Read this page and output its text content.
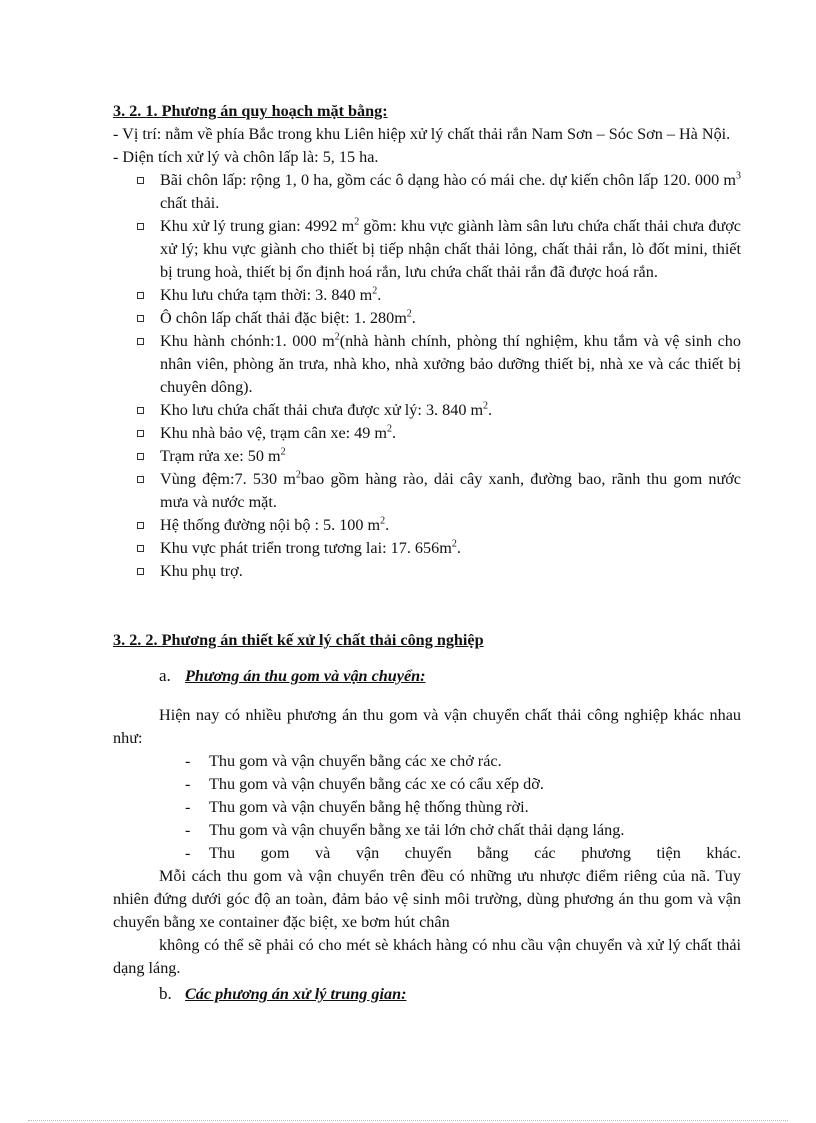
3. 2. 1. Phương án quy hoạch mặt bằng:

- Vị trí: nằm về phía Bắc trong khu Liên hiệp xử lý chất thải rắn Nam Sơn – Sóc Sơn – Hà Nội.

- Diện tích xử lý và chôn lấp là: 5, 15 ha.

Bãi chôn lấp: rộng 1, 0 ha, gồm các ô dạng hào có mái che. dự kiến chôn lấp 120. 000 $m^3$ chất thải.
Khu xử lý trung gian: 4992 $m^2$ gồm: khu vực giành làm sân lưu chứa chất thải chưa được xử lý; khu vực giành cho thiết bị tiếp nhận chất thải lỏng, chất thải rắn, lò đốt mini, thiết bị trung hoà, thiết bị ổn định hoá rắn, lưu chứa chất thải rắn đã được hoá rắn.
Khu lưu chứa tạm thời: 3. 840 $m^2$.
Ô chôn lấp chất thải đặc biệt: 1. $280m^2$.
Khu hành chónh:1. 000 $m^2(nhà$ hành chính, phòng thí nghiệm, khu tắm và vệ sinh cho nhân viên, phòng ăn trưa, nhà kho, nhà xưởng bảo dưỡng thiết bị, nhà xe và các thiết bị chuyên dông).
Kho lưu chứa chất thải chưa được xử lý: 3. 840 $m^2$.
Khu nhà bảo vệ, trạm cân xe: 49 $m^2$.
Trạm rửa xe: 50 $m^2$
Vùng đệm:7. 530 $m^2bao$ gồm hàng rào, dải cây xanh, đường bao, rãnh thu gom nước mưa và nước mặt.
Hệ thống đường nội bộ : 5. 100 $m^2$.
Khu vực phát triển trong tương lai: 17. $656m^2$.
Khu phụ trợ.

3. 2. 2. Phương án thiết kế xử lý chất thải công nghiệp

a. Phương án thu gom và vận chuyển:

Hiện nay có nhiều phương án thu gom và vận chuyển chất thải công nghiệp khác nhau như:

- Thu gom và vận chuyển bằng các xe chở rác.
- Thu gom và vận chuyển bằng các xe có cẩu xếp dỡ.
- Thu gom và vận chuyển bằng hệ thống thùng rời.
- Thu gom và vận chuyển bằng xe tải lớn chở chất thải dạng láng.
- Thu gom và vận chuyển bằng các phương tiện khác.

Mỗi cách thu gom và vận chuyển trên đều có những ưu nhược điểm riêng của nã. Tuy nhiên đứng dưới góc độ an toàn, đảm bảo vệ sinh môi trường, dùng phương án thu gom và vận chuyển bằng xe container đặc biệt, xe bơm hút chân

không có thể sẽ phải có cho mét sè khách hàng có nhu cầu vận chuyển và xử lý chất thải dạng láng.

b. Các phương án xử lý trung gian:
